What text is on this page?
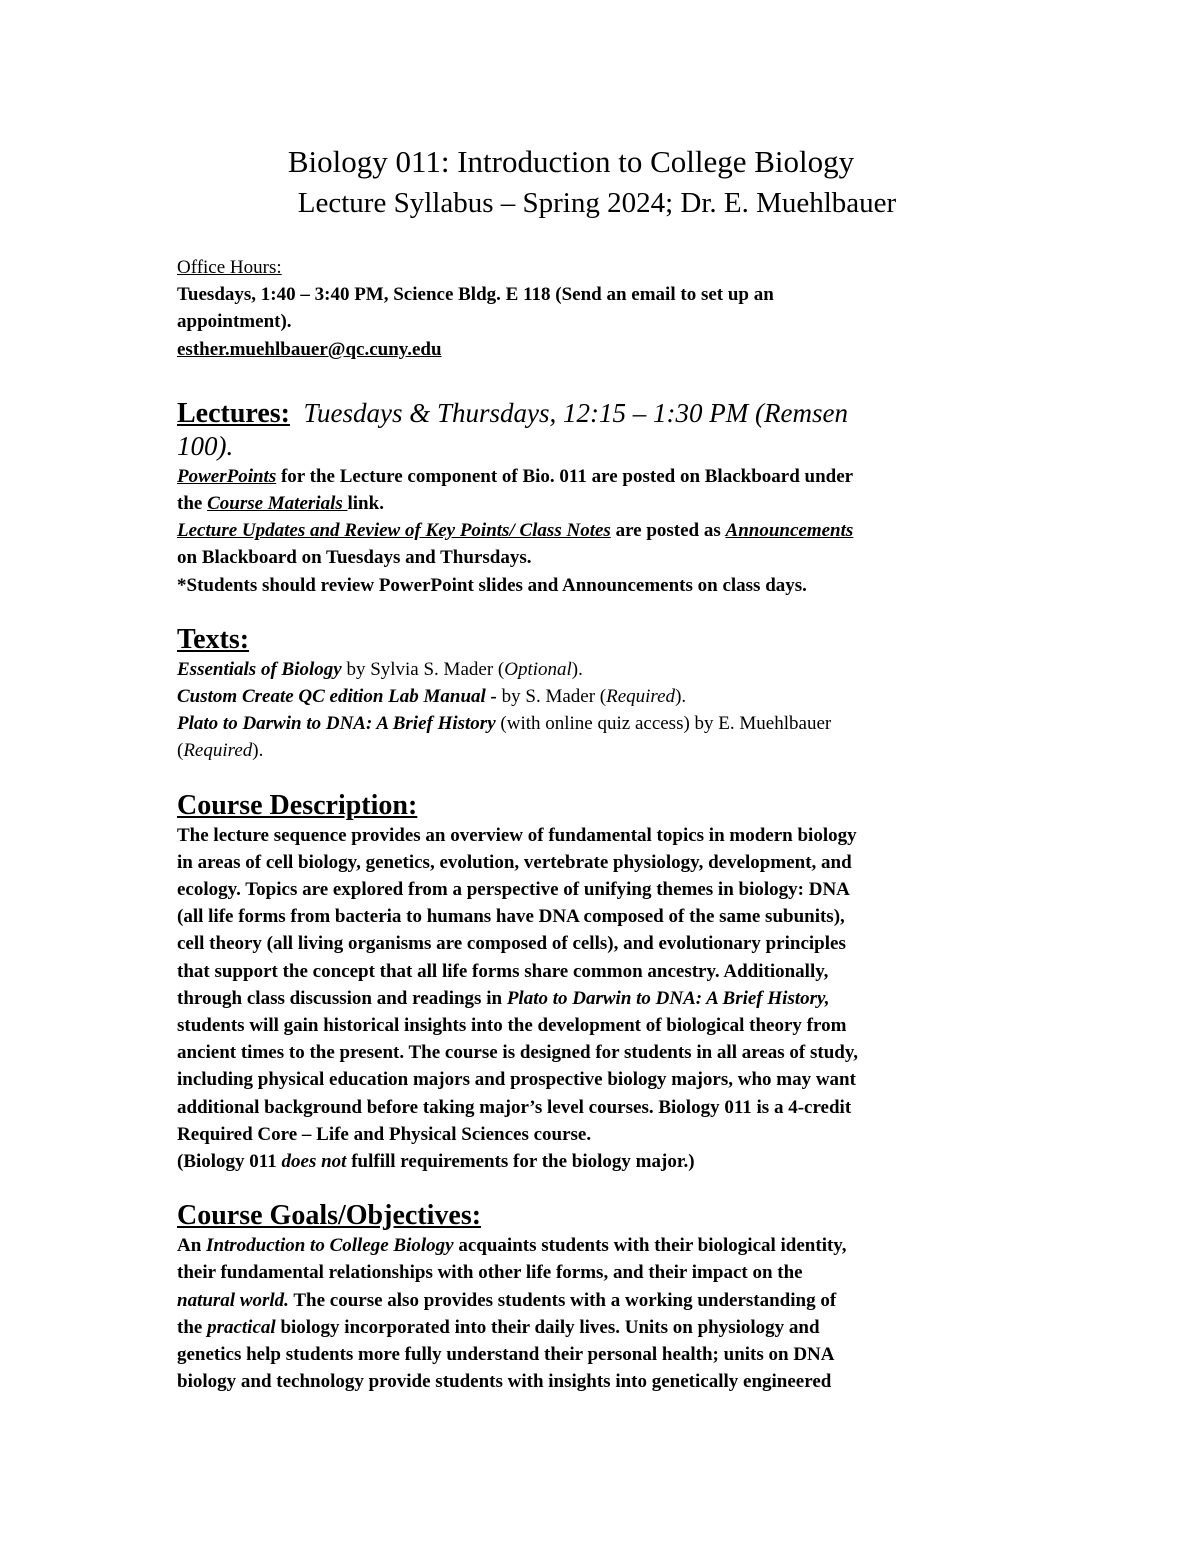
Biology 011: Introduction to College Biology
Lecture Syllabus – Spring 2024; Dr. E. Muehlbauer
Office Hours:
Tuesdays, 1:40 – 3:40 PM, Science Bldg. E 118 (Send an email to set up an
appointment).
esther.muehlbauer@qc.cuny.edu
Lectures: Tuesdays & Thursdays, 12:15 – 1:30 PM (Remsen
100).
PowerPoints for the Lecture component of Bio. 011 are posted on Blackboard under
the Course Materials link.
Lecture Updates and Review of Key Points/ Class Notes are posted as Announcements
on Blackboard on Tuesdays and Thursdays.
*Students should review PowerPoint slides and Announcements on class days.
Texts:
Essentials of Biology by Sylvia S. Mader (Optional).
Custom Create QC edition Lab Manual - by S. Mader (Required).
Plato to Darwin to DNA: A Brief History (with online quiz access) by E. Muehlbauer
(Required).
Course Description:
The lecture sequence provides an overview of fundamental topics in modern biology
in areas of cell biology, genetics, evolution, vertebrate physiology, development, and
ecology. Topics are explored from a perspective of unifying themes in biology: DNA
(all life forms from bacteria to humans have DNA composed of the same subunits),
cell theory (all living organisms are composed of cells), and evolutionary principles
that support the concept that all life forms share common ancestry. Additionally,
through class discussion and readings in Plato to Darwin to DNA: A Brief History,
students will gain historical insights into the development of biological theory from
ancient times to the present. The course is designed for students in all areas of study,
including physical education majors and prospective biology majors, who may want
additional background before taking major’s level courses. Biology 011 is a 4-credit
Required Core – Life and Physical Sciences course.
(Biology 011 does not fulfill requirements for the biology major.)
Course Goals/Objectives:
An Introduction to College Biology acquaints students with their biological identity,
their fundamental relationships with other life forms, and their impact on the
natural world. The course also provides students with a working understanding of
the practical biology incorporated into their daily lives. Units on physiology and
genetics help students more fully understand their personal health; units on DNA
biology and technology provide students with insights into genetically engineered
